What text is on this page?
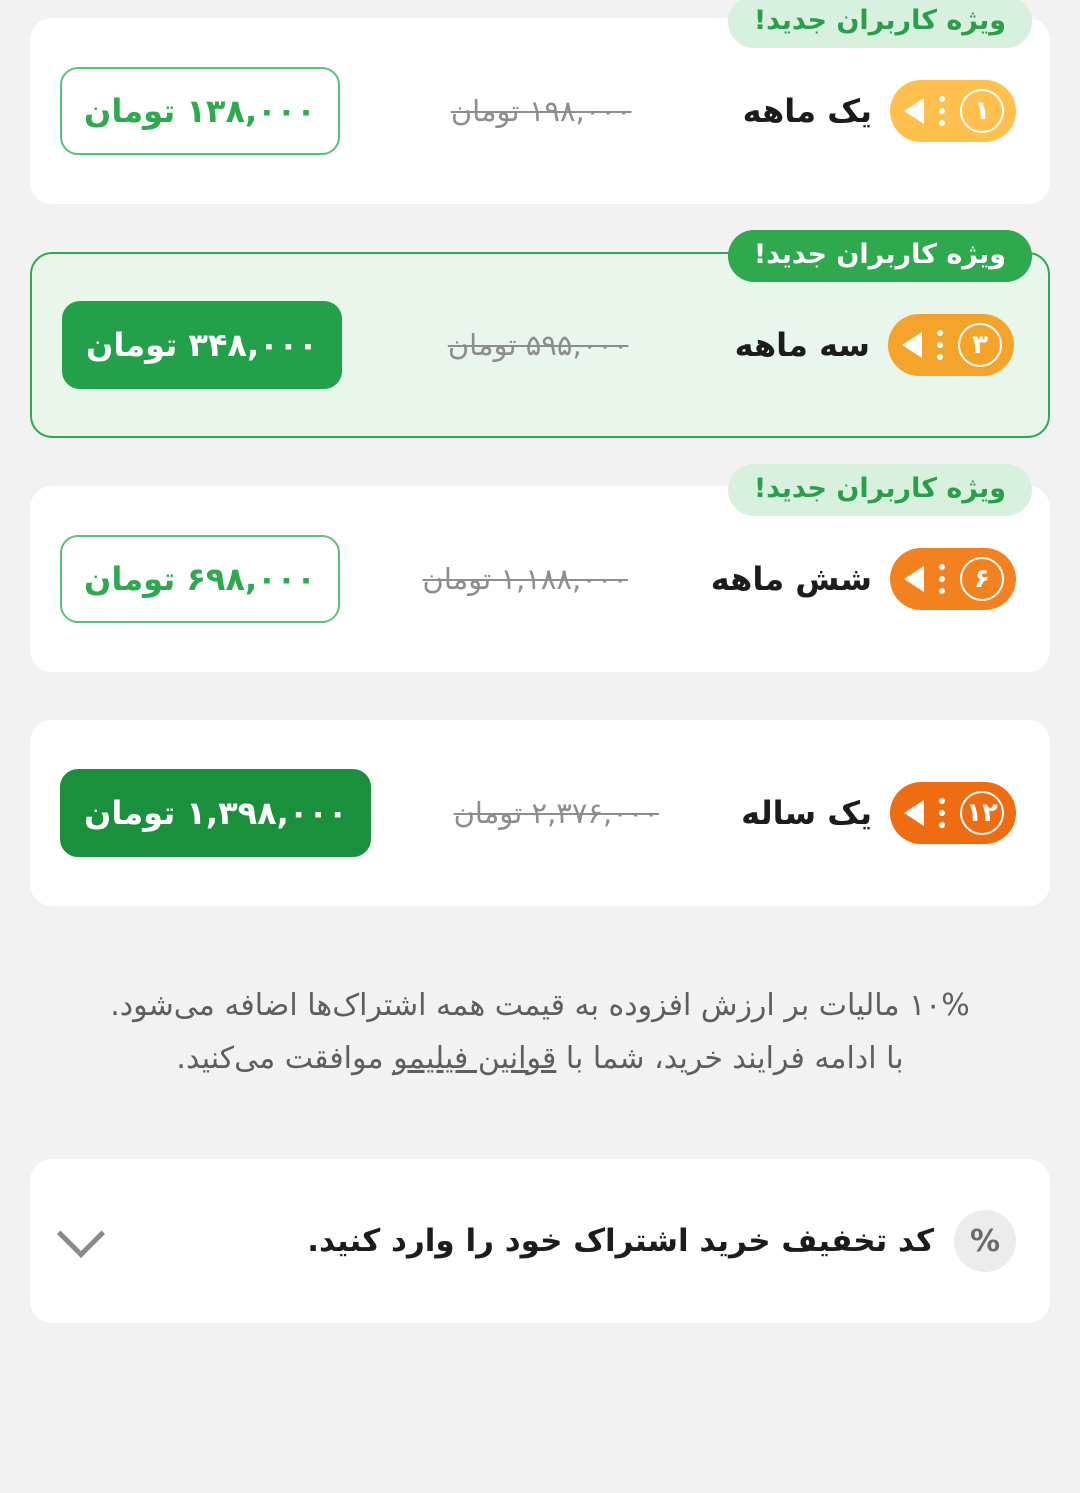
ویژه کاربران جدید!
۱
یک ماهه
۱۹۸,۰۰۰ تومان
۱۳۸,۰۰۰ تومان
ویژه کاربران جدید!
۳
سه ماهه
۵۹۵,۰۰۰ تومان
۳۴۸,۰۰۰ تومان
ویژه کاربران جدید!
۶
شش ماهه
۱,۱۸۸,۰۰۰ تومان
۶۹۸,۰۰۰ تومان
۱۲
یک ساله
۲,۳۷۶,۰۰۰ تومان
۱,۳۹۸,۰۰۰ تومان
۱۰% مالیات بر ارزش افزوده به قیمت همه اشتراک‌ها اضافه می‌شود.
با ادامه فرایند خرید، شما با قوانین فیلیمو موافقت می‌کنید.
%
کد تخفیف خرید اشتراک خود را وارد کنید.
